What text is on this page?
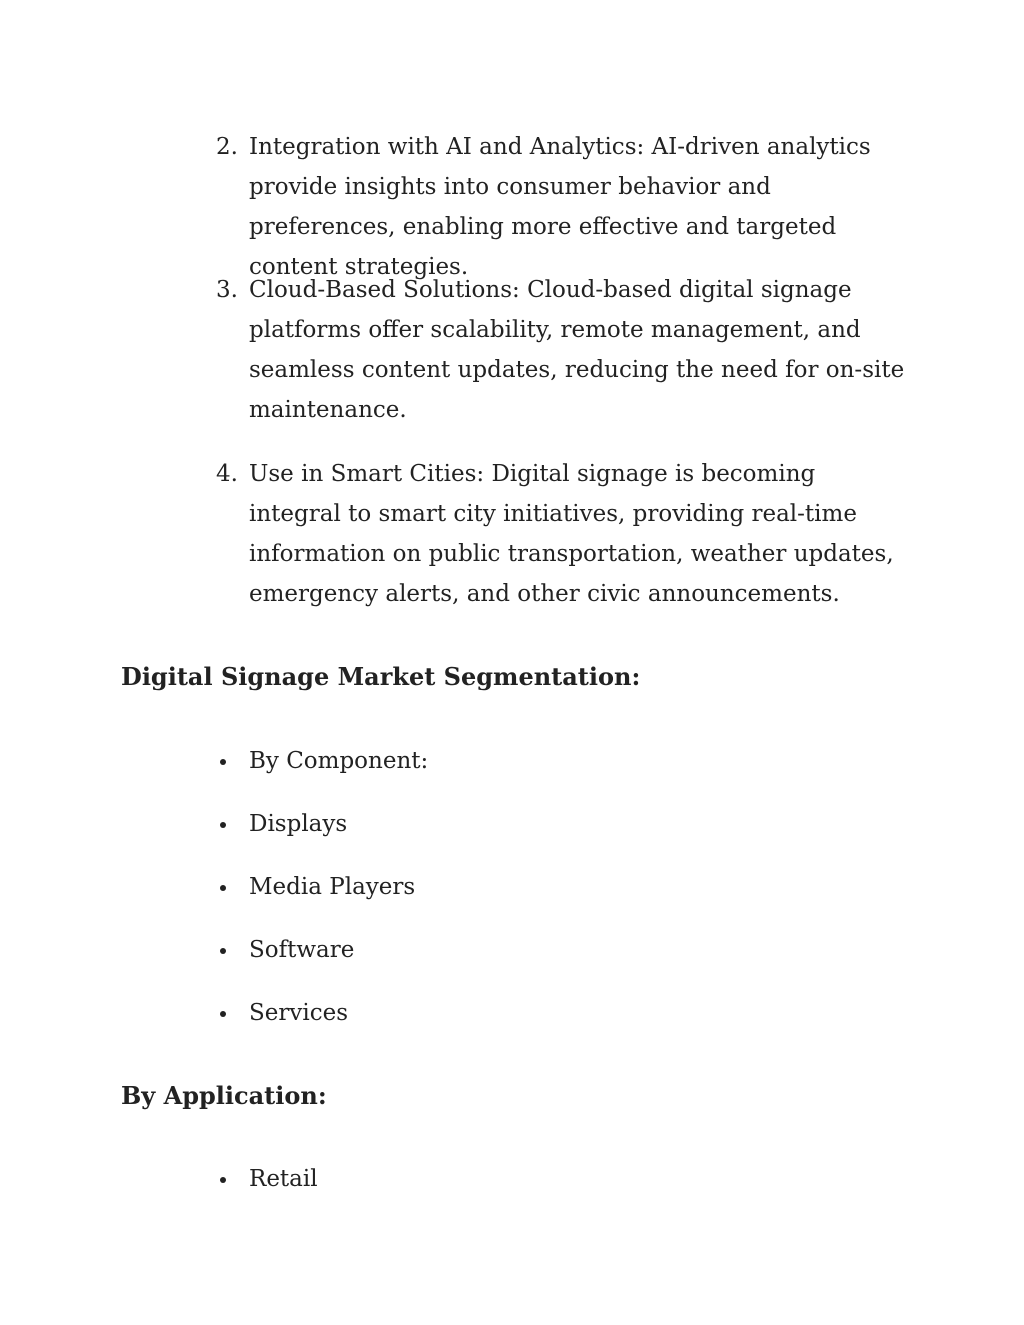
2. Integration with AI and Analytics: AI-driven analytics provide insights into consumer behavior and preferences, enabling more effective and targeted content strategies.

3. Cloud-Based Solutions: Cloud-based digital signage platforms offer scalability, remote management, and seamless content updates, reducing the need for on-site maintenance.

4. Use in Smart Cities: Digital signage is becoming integral to smart city initiatives, providing real-time information on public transportation, weather updates, emergency alerts, and other civic announcements.

Digital Signage Market Segmentation:
By Component:
Displays
Media Players
Software
Services
By Application:
Retail
